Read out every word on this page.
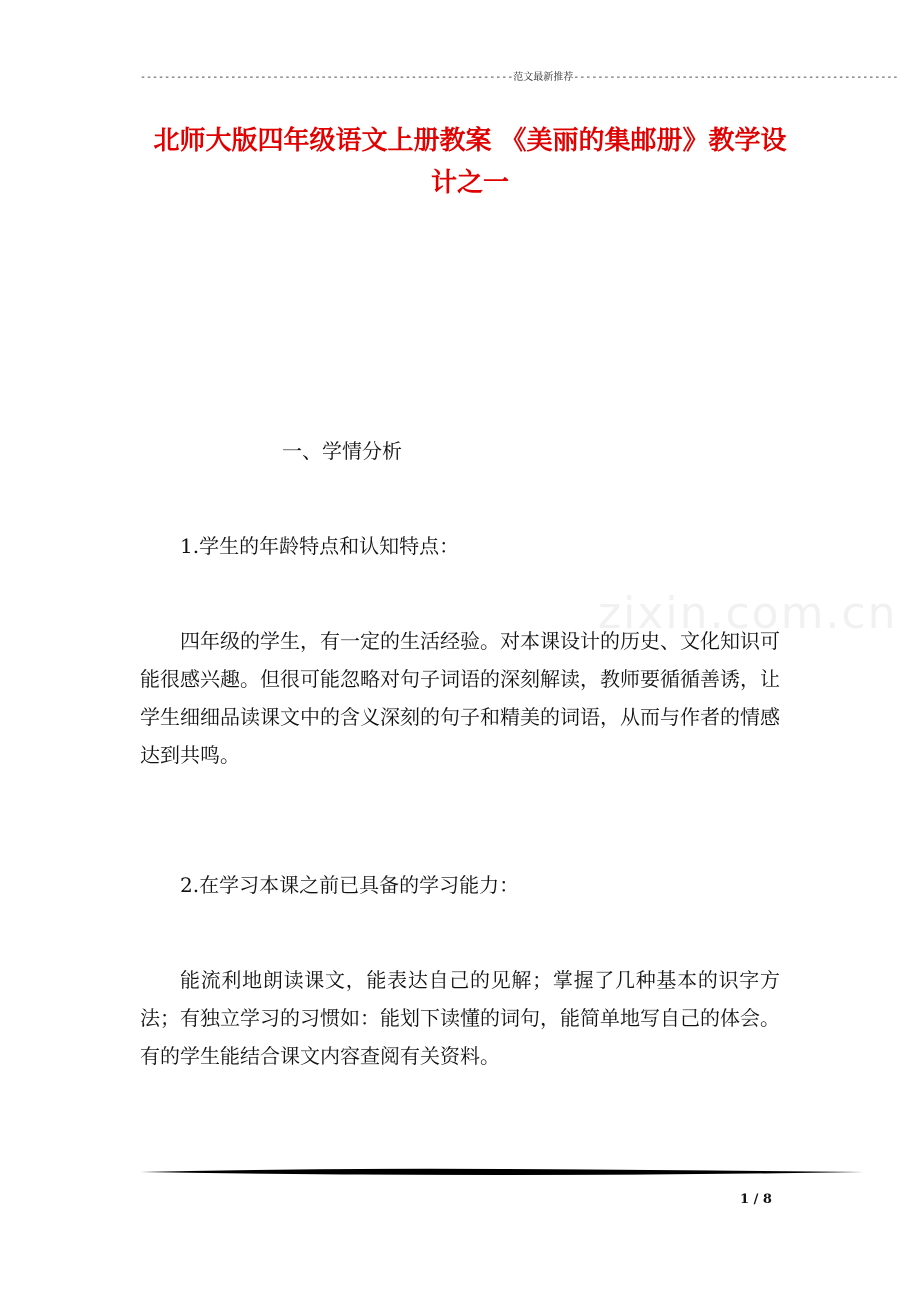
--------------------------------------------------------------范文最新推荐------------------------------------------------------
北师大版四年级语文上册教案 《美丽的集邮册》教学设计之一
zixin.com.cn
一、学情分析

1.学生的年龄特点和认知特点：

四年级的学生，有一定的生活经验。对本课设计的历史、文化知识可能很感兴趣。但很可能忽略对句子词语的深刻解读，教师要循循善诱，让学生细细品读课文中的含义深刻的句子和精美的词语，从而与作者的情感达到共鸣。

2.在学习本课之前已具备的学习能力：

能流利地朗读课文，能表达自己的见解；掌握了几种基本的识字方法；有独立学习的习惯如：能划下读懂的词句，能简单地写自己的体会。有的学生能结合课文内容查阅有关资料。

1 / 8
